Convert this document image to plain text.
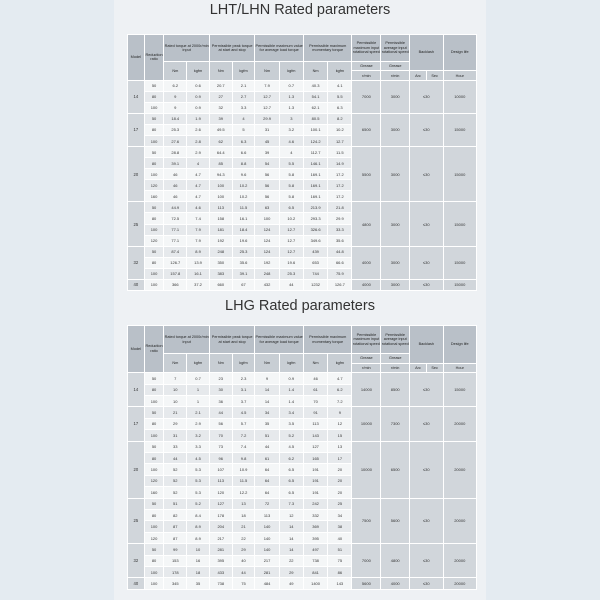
LHT/LHN Rated parameters
Model	Reduction ratio	Rated torque at 2000r/min input		Permissible peak torque at start and stop		Permissible maximum value for average load torque		Permissible maximum momentary torque		Permissible maximum input rotational speed	Permissible average input rotational speed	Backlash		Design life
		Nm	kgfm	Nm	kgfm	Nm	kgfm	Nm	kgfm	Grease	Grease			
										r/min	r/min	Arc	Sec	Hour
14	50	6.2	0.6	20.7	2.1	7.9	0.7	40.3	4.1	7000	3000	≤30		10000
	80	9	0.9	27	2.7	12.7	1.3	54.1	5.5					
	100	9	0.9	32	3.3	12.7	1.3	62.1	6.3					
17	50	18.4	1.9	39	4	29.9	3	80.5	8.2	6500	3000	≤30		15000
	80	25.3	2.6	49.5	5	31	3.2	100.1	10.2					
	100	27.6	2.8	62	6.3	45	4.6	124.2	12.7					
20	50	28.8	2.9	64.4	6.6	39	4	112.7	11.5	5500	3000	≤30		15000
	80	39.1	4	85	8.8	54	5.5	146.1	14.9					
	100	46	4.7	94.3	9.6	56	5.8	169.1	17.2					
	120	46	4.7	100	10.2	56	5.8	169.1	17.2					
	160	46	4.7	100	10.2	56	5.8	169.1	17.2					
25	50	44.9	4.6	113	11.5	63	6.5	213.9	21.8	4800	3000	≤30		15000
	80	72.5	7.4	158	16.1	100	10.2	293.3	29.9					
	100	77.1	7.9	181	18.4	124	12.7	326.6	33.3					
	120	77.1	7.9	192	19.6	124	12.7	349.6	35.6					
32	50	87.4	8.9	248	25.3	124	12.7	439	44.8	4000	3000	≤30		15000
	80	126.7	13.9	350	35.6	192	19.6	653	66.6					
	100	157.8	16.1	383	39.1	248	25.3	744	75.9					
40	100	366	37.2	660	67	432	44	1232	126.7	4000	3000	≤30		15000
LHG Rated parameters
Model	Reduction ratio	Rated torque at 2000r/min input		Permissible peak torque at start and stop		Permissible maximum value for average load torque		Permissible maximum momentary torque		Permissible maximum input rotational speed	Permissible average input rotational speed	Backlash		Design life
		Nm	kgfm	Nm	kgfm	Nm	kgfm	Nm	kgfm	Grease	Grease			
										r/min	r/min	Arc	Sec	Hour
14	50	7	0.7	23	2.3	9	0.9	46	4.7	14000	8500	≤30		15000
	80	10	1	30	3.1	14	1.4	61	6.2					
	100	10	1	36	3.7	14	1.4	70	7.2					
17	50	21	2.1	44	4.5	34	3.4	91	9	10000	7300	≤30		20000
	80	29	2.9	56	5.7	35	3.5	113	12					
	100	31	3.2	70	7.2	51	5.2	143	15					
20	50	33	3.3	73	7.4	44	4.5	127	13	10000	6500	≤30		20000
	80	44	4.5	96	9.8	61	6.2	165	17					
	100	52	5.3	107	10.9	64	6.5	191	20					
	120	52	5.3	113	11.5	64	6.5	191	20					
	160	52	5.3	120	12.2	64	6.5	191	20					
25	50	51	5.2	127	13	72	7.3	242	25	7500	5600	≤30		20000
	80	82	8.4	178	18	113	12	332	34					
	100	87	8.9	204	21	140	14	369	38					
	120	87	8.9	217	22	140	14	395	40					
32	50	99	10	281	29	140	14	497	51	7000	4800	≤30		20000
	80	153	16	395	40	217	22	738	75					
	100	178	18	433	44	281	29	841	86					
40	100	345	35	738	75	484	49	1400	143	5600	4000	≤30		20000
